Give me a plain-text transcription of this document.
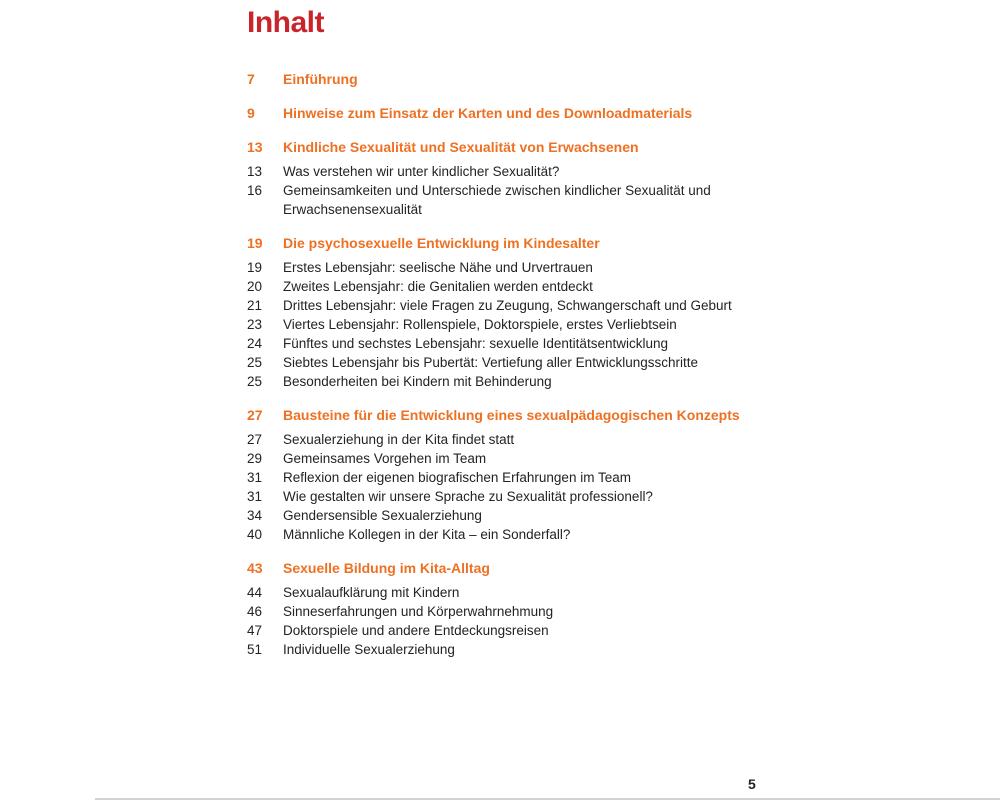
Inhalt
7	Einführung
9	Hinweise zum Einsatz der Karten und des Downloadmaterials
13	Kindliche Sexualität und Sexualität von Erwachsenen
13	Was verstehen wir unter kindlicher Sexualität?
16	Gemeinsamkeiten und Unterschiede zwischen kindlicher Sexualität und Erwachsenensexualität
19	Die psychosexuelle Entwicklung im Kindesalter
19	Erstes Lebensjahr: seelische Nähe und Urvertrauen
20	Zweites Lebensjahr: die Genitalien werden entdeckt
21	Drittes Lebensjahr: viele Fragen zu Zeugung, Schwangerschaft und Geburt
23	Viertes Lebensjahr: Rollenspiele, Doktorspiele, erstes Verliebtsein
24	Fünftes und sechstes Lebensjahr: sexuelle Identitätsentwicklung
25	Siebtes Lebensjahr bis Pubertät: Vertiefung aller Entwicklungsschritte
25	Besonderheiten bei Kindern mit Behinderung
27	Bausteine für die Entwicklung eines sexualpädagogischen Konzepts
27	Sexualerziehung in der Kita findet statt
29	Gemeinsames Vorgehen im Team
31	Reflexion der eigenen biografischen Erfahrungen im Team
31	Wie gestalten wir unsere Sprache zu Sexualität professionell?
34	Gendersensible Sexualerziehung
40	Männliche Kollegen in der Kita – ein Sonderfall?
43	Sexuelle Bildung im Kita-Alltag
44	Sexualaufklärung mit Kindern
46	Sinneserfahrungen und Körperwahrnehmung
47	Doktorspiele und andere Entdeckungsreisen
51	Individuelle Sexualerziehung
5
